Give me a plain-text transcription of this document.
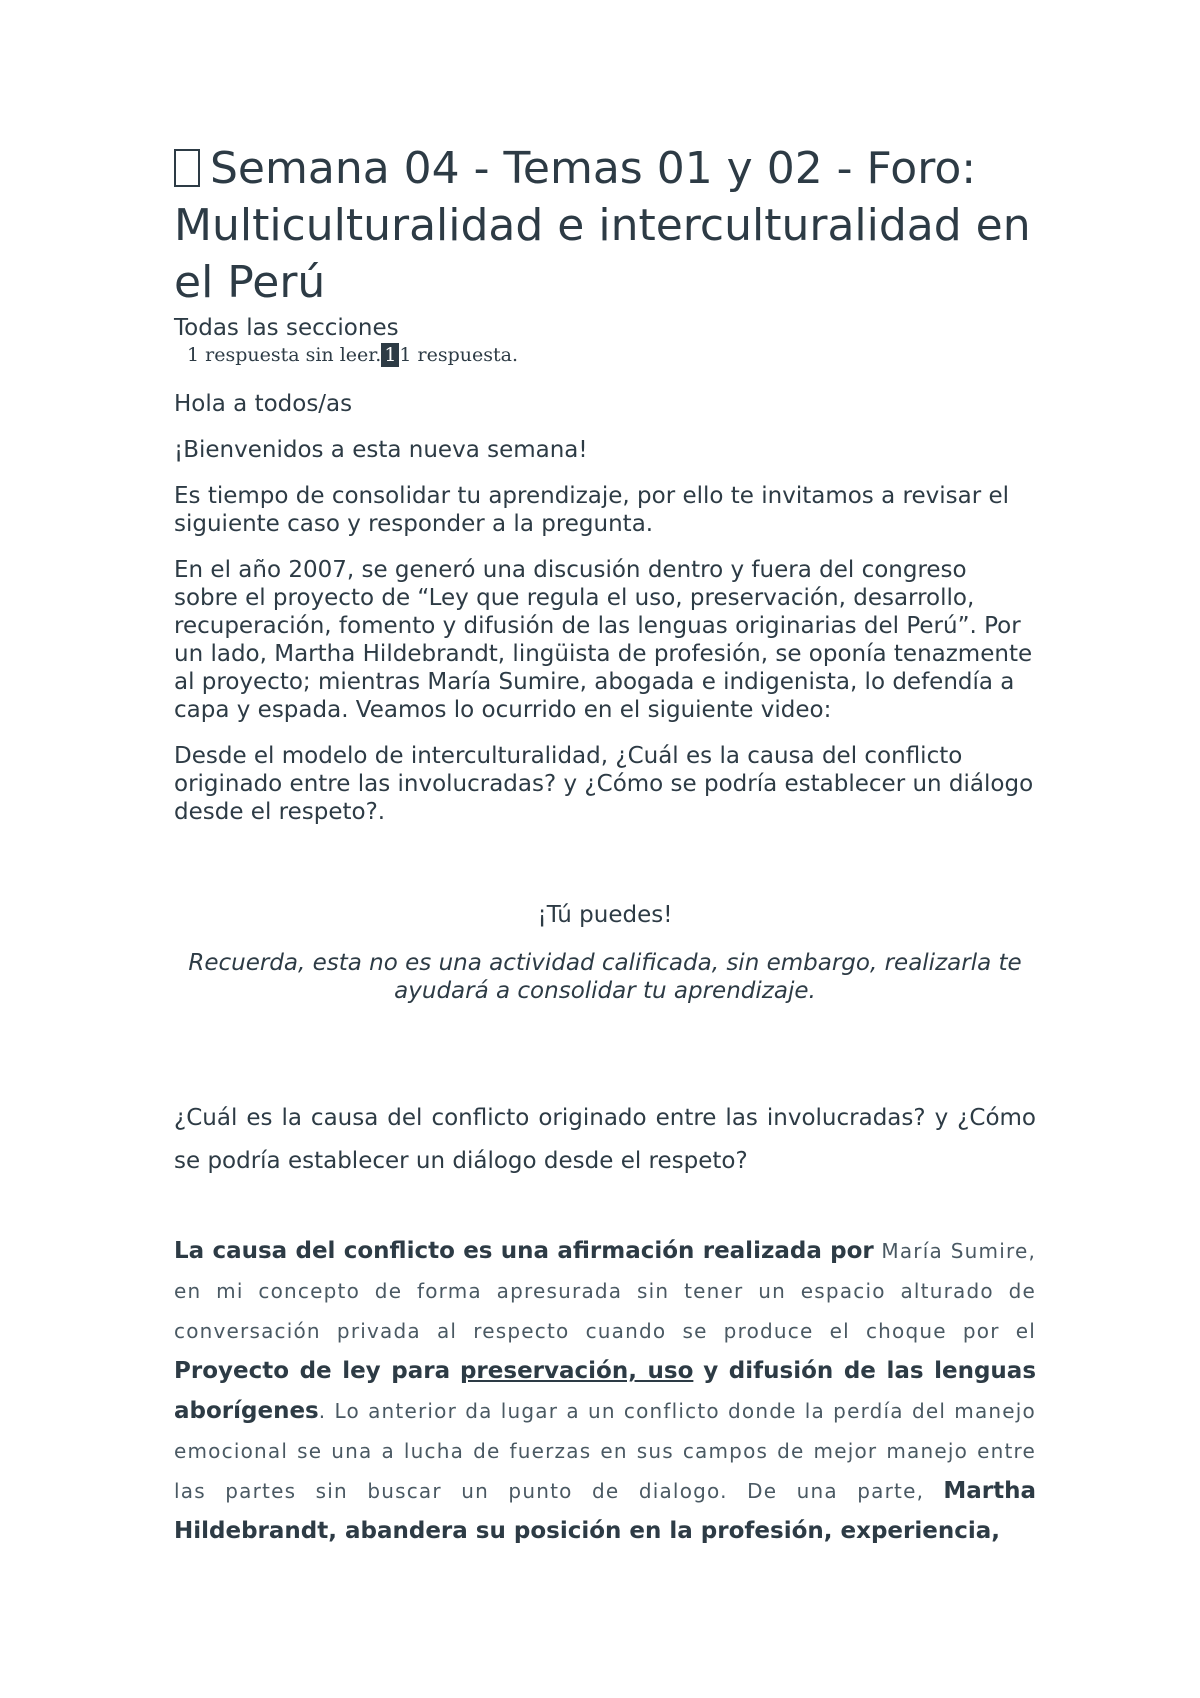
Semana 04 - Temas 01 y 02 - Foro: Multiculturalidad e interculturalidad en el Perú
Todas las secciones
1 respuesta sin leer. 1 1 respuesta.

Hola a todos/as

¡Bienvenidos a esta nueva semana!

Es tiempo de consolidar tu aprendizaje, por ello te invitamos a revisar el siguiente caso y responder a la pregunta.

En el año 2007, se generó una discusión dentro y fuera del congreso sobre el proyecto de “Ley que regula el uso, preservación, desarrollo, recuperación, fomento y difusión de las lenguas originarias del Perú”. Por un lado, Martha Hildebrandt, lingüista de profesión, se oponía tenazmente al proyecto; mientras María Sumire, abogada e indigenista, lo defendía a capa y espada. Veamos lo ocurrido en el siguiente video:

Desde el modelo de interculturalidad, ¿Cuál es la causa del conflicto originado entre las involucradas? y ¿Cómo se podría establecer un diálogo desde el respeto?.

¡Tú puedes!

Recuerda, esta no es una actividad calificada, sin embargo, realizarla te ayudará a consolidar tu aprendizaje.

¿Cuál es la causa del conflicto originado entre las involucradas? y ¿Cómo se podría establecer un diálogo desde el respeto?

La causa del conflicto es una afirmación realizada por María Sumire, en mi concepto de forma apresurada sin tener un espacio alturado de conversación privada al respecto cuando se produce el choque por el Proyecto de ley para preservación, uso y difusión de las lenguas aborígenes. Lo anterior da lugar a un conflicto donde la perdía del manejo emocional se una a lucha de fuerzas en sus campos de mejor manejo entre las partes sin buscar un punto de dialogo. De una parte, Martha Hildebrandt, abandera su posición en la profesión, experiencia,
